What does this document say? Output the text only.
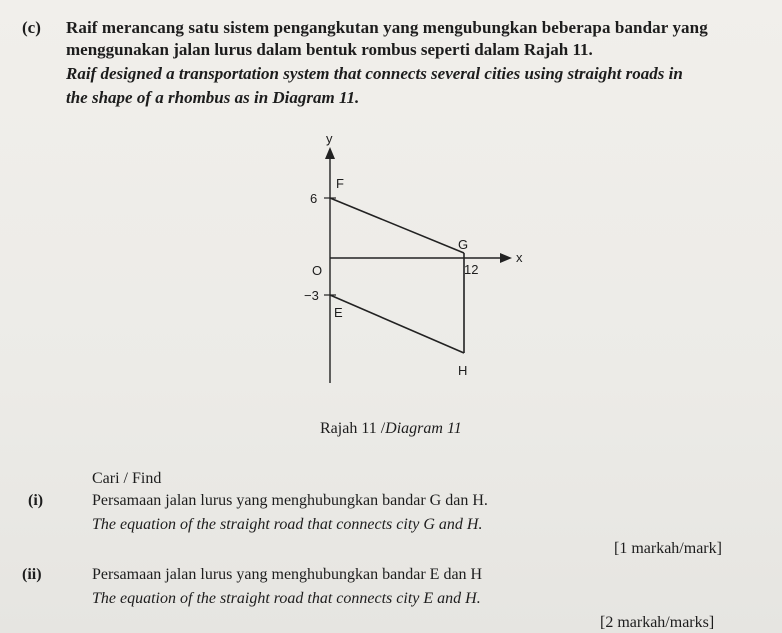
(c) Raif merancang satu sistem pengangkutan yang mengubungkan beberapa bandar yang
menggunakan jalan lurus dalam bentuk rombus seperti dalam Rajah 11.
Raif designed a transportation system that connects several cities using straight roads in
the shape of a rhombus as in Diagram 11.
y
x
O
6
−3
12
F
G
E
H
Rajah 11 /Diagram 11
Cari / Find
(i)	Persamaan jalan lurus yang menghubungkan bandar G dan H.
The equation of the straight road that connects city G and H.
[1 markah/mark]
(ii)	Persamaan jalan lurus yang menghubungkan bandar E dan H
The equation of the straight road that connects city E and H.
[2 markah/marks]
